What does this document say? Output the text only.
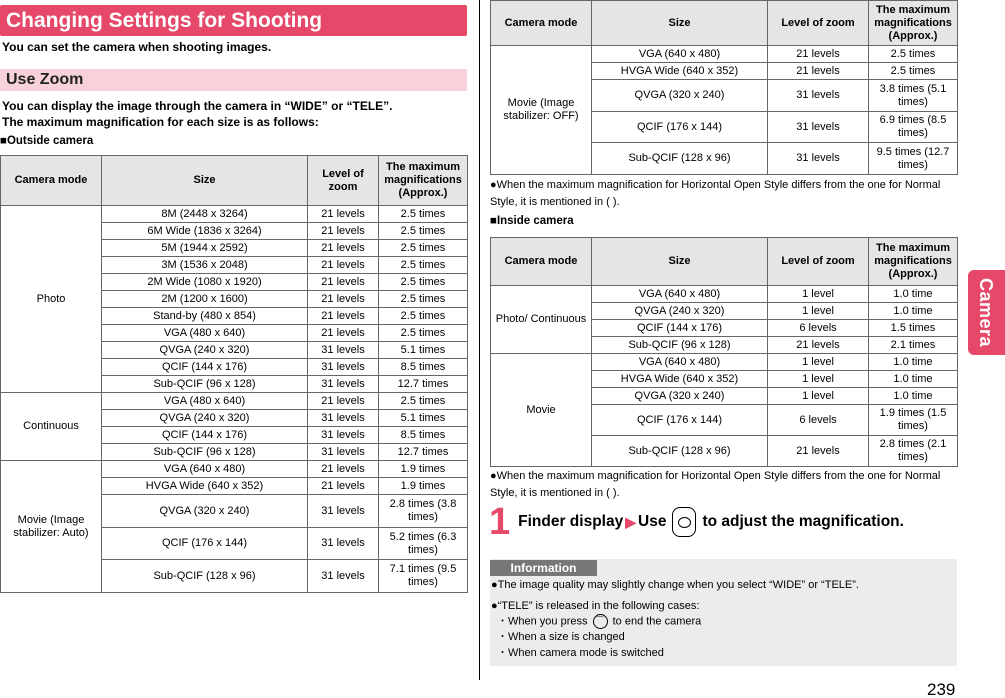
Changing Settings for Shooting
You can set the camera when shooting images.
Use Zoom
You can display the image through the camera in “WIDE” or “TELE”.
The maximum magnification for each size is as follows:
■Outside camera
Camera mode	Size	Level of zoom	The maximum magnifications (Approx.)
Photo	8M (2448 x 3264)	21 levels	2.5 times
	6M Wide (1836 x 3264)	21 levels	2.5 times
	5M (1944 x 2592)	21 levels	2.5 times
	3M (1536 x 2048)	21 levels	2.5 times
	2M Wide (1080 x 1920)	21 levels	2.5 times
	2M (1200 x 1600)	21 levels	2.5 times
	Stand-by (480 x 854)	21 levels	2.5 times
	VGA (480 x 640)	21 levels	2.5 times
	QVGA (240 x 320)	31 levels	5.1 times
	QCIF (144 x 176)	31 levels	8.5 times
	Sub-QCIF (96 x 128)	31 levels	12.7 times
Continuous	VGA (480 x 640)	21 levels	2.5 times
	QVGA (240 x 320)	31 levels	5.1 times
	QCIF (144 x 176)	31 levels	8.5 times
	Sub-QCIF (96 x 128)	31 levels	12.7 times
Movie (Image stabilizer: Auto)	VGA (640 x 480)	21 levels	1.9 times
	HVGA Wide (640 x 352)	21 levels	1.9 times
	QVGA (320 x 240)	31 levels	2.8 times (3.8 times)
	QCIF (176 x 144)	31 levels	5.2 times (6.3 times)
	Sub-QCIF (128 x 96)	31 levels	7.1 times (9.5 times)
Camera mode	Size	Level of zoom	The maximum magnifications (Approx.)
Movie (Image stabilizer: OFF)	VGA (640 x 480)	21 levels	2.5 times
	HVGA Wide (640 x 352)	21 levels	2.5 times
	QVGA (320 x 240)	31 levels	3.8 times (5.1 times)
	QCIF (176 x 144)	31 levels	6.9 times (8.5 times)
	Sub-QCIF (128 x 96)	31 levels	9.5 times (12.7 times)
●When the maximum magnification for Horizontal Open Style differs from the one for Normal Style, it is mentioned in ( ).
■Inside camera
Camera mode	Size	Level of zoom	The maximum magnifications (Approx.)
Photo/ Continuous	VGA (640 x 480)	1 level	1.0 time
	QVGA (240 x 320)	1 level	1.0 time
	QCIF (144 x 176)	6 levels	1.5 times
	Sub-QCIF (96 x 128)	21 levels	2.1 times
Movie	VGA (640 x 480)	1 level	1.0 time
	HVGA Wide (640 x 352)	1 level	1.0 time
	QVGA (320 x 240)	1 level	1.0 time
	QCIF (176 x 144)	6 levels	1.9 times (1.5 times)
	Sub-QCIF (128 x 96)	21 levels	2.8 times (2.1 times)
●When the maximum magnification for Horizontal Open Style differs from the one for Normal Style, it is mentioned in ( ).
1 Finder display ▶ Use to adjust the magnification.
Information
●The image quality may slightly change when you select “WIDE” or “TELE”.
●“TELE” is released in the following cases:
・When you press ⌒ to end the camera
・When a size is changed
・When camera mode is switched
Camera
239
